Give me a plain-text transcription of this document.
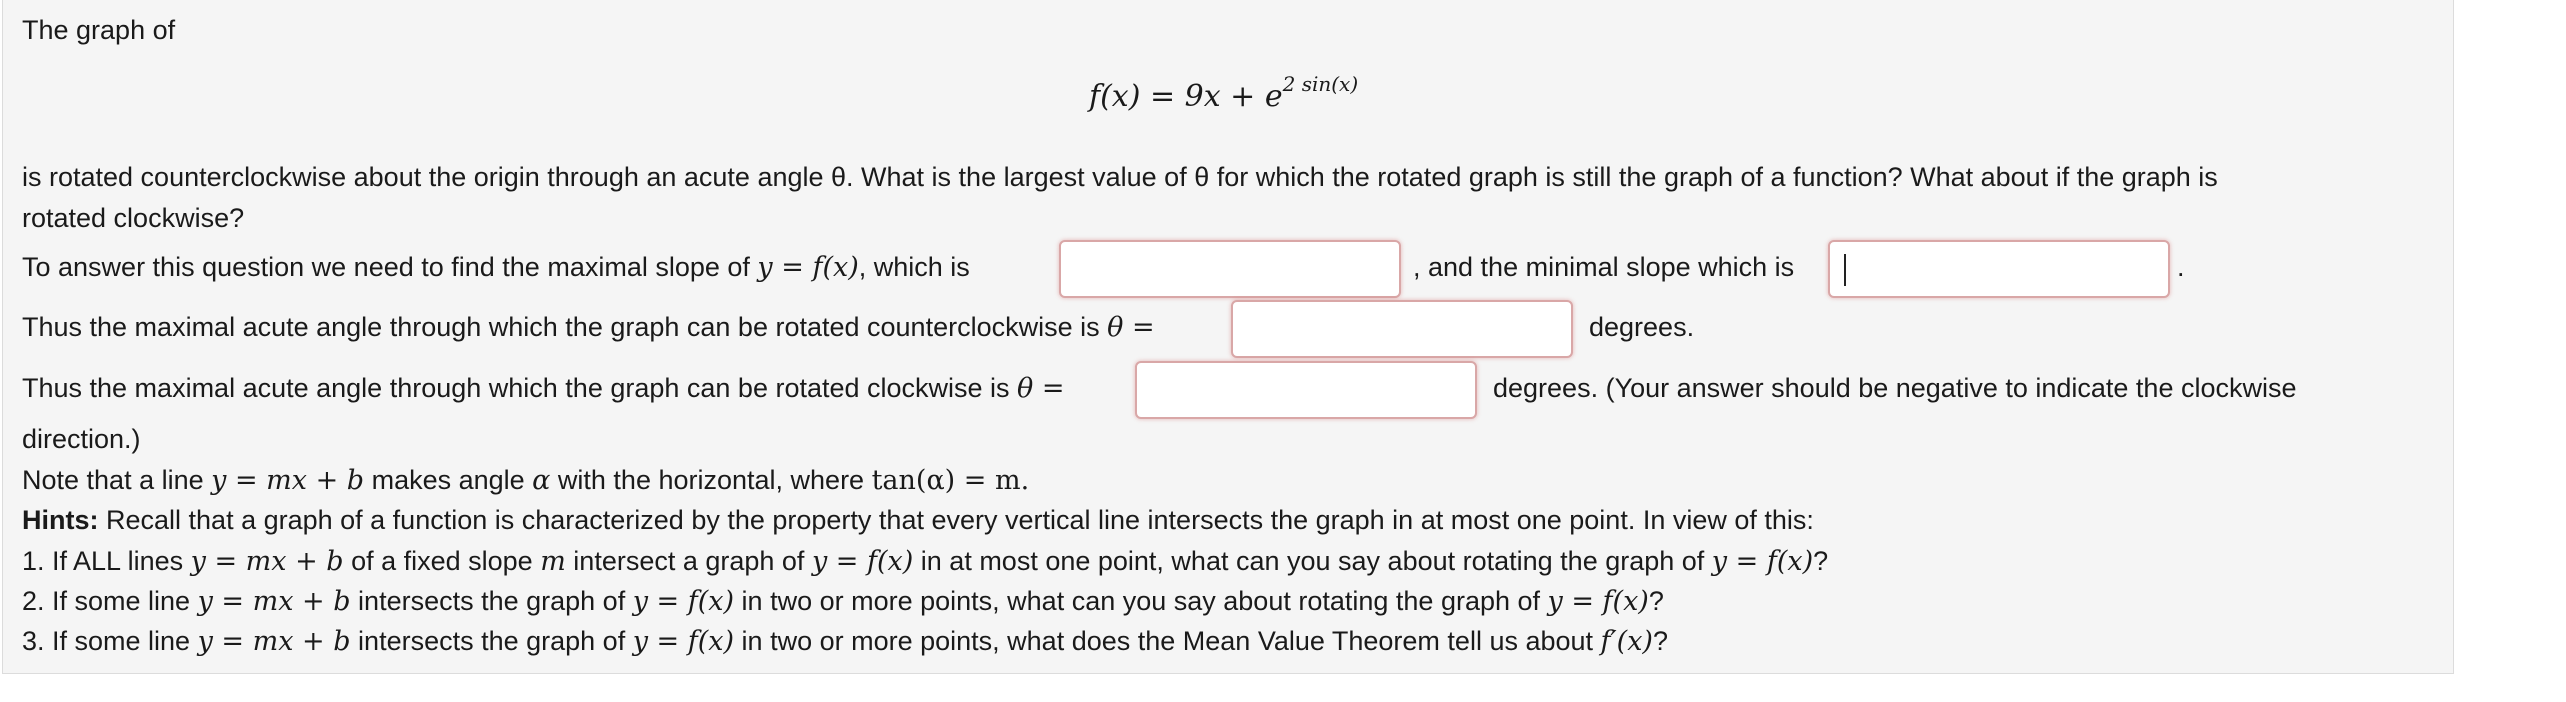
The graph of
$f(x) = 9x + e^{2 sin(x)}$
is rotated counterclockwise about the origin through an acute angle θ. What is the largest value of θ for which the rotated graph is still the graph of a function? What about if the graph is
rotated clockwise?
To answer this question we need to find the maximal slope of y = f(x), which is	, and the minimal slope which is	.
Thus the maximal acute angle through which the graph can be rotated counterclockwise is θ =	degrees.
Thus the maximal acute angle through which the graph can be rotated clockwise is θ =	degrees. (Your answer should be negative to indicate the clockwise
direction.)
Note that a line y = mx + b makes angle α with the horizontal, where tan(α) = m.
Hints: Recall that a graph of a function is characterized by the property that every vertical line intersects the graph in at most one point. In view of this:
1. If ALL lines y = mx + b of a fixed slope m intersect a graph of y = f(x) in at most one point, what can you say about rotating the graph of y = f(x)?
2. If some line y = mx + b intersects the graph of y = f(x) in two or more points, what can you say about rotating the graph of y = f(x)?
3. If some line y = mx + b intersects the graph of y = f(x) in two or more points, what does the Mean Value Theorem tell us about f′(x)?
